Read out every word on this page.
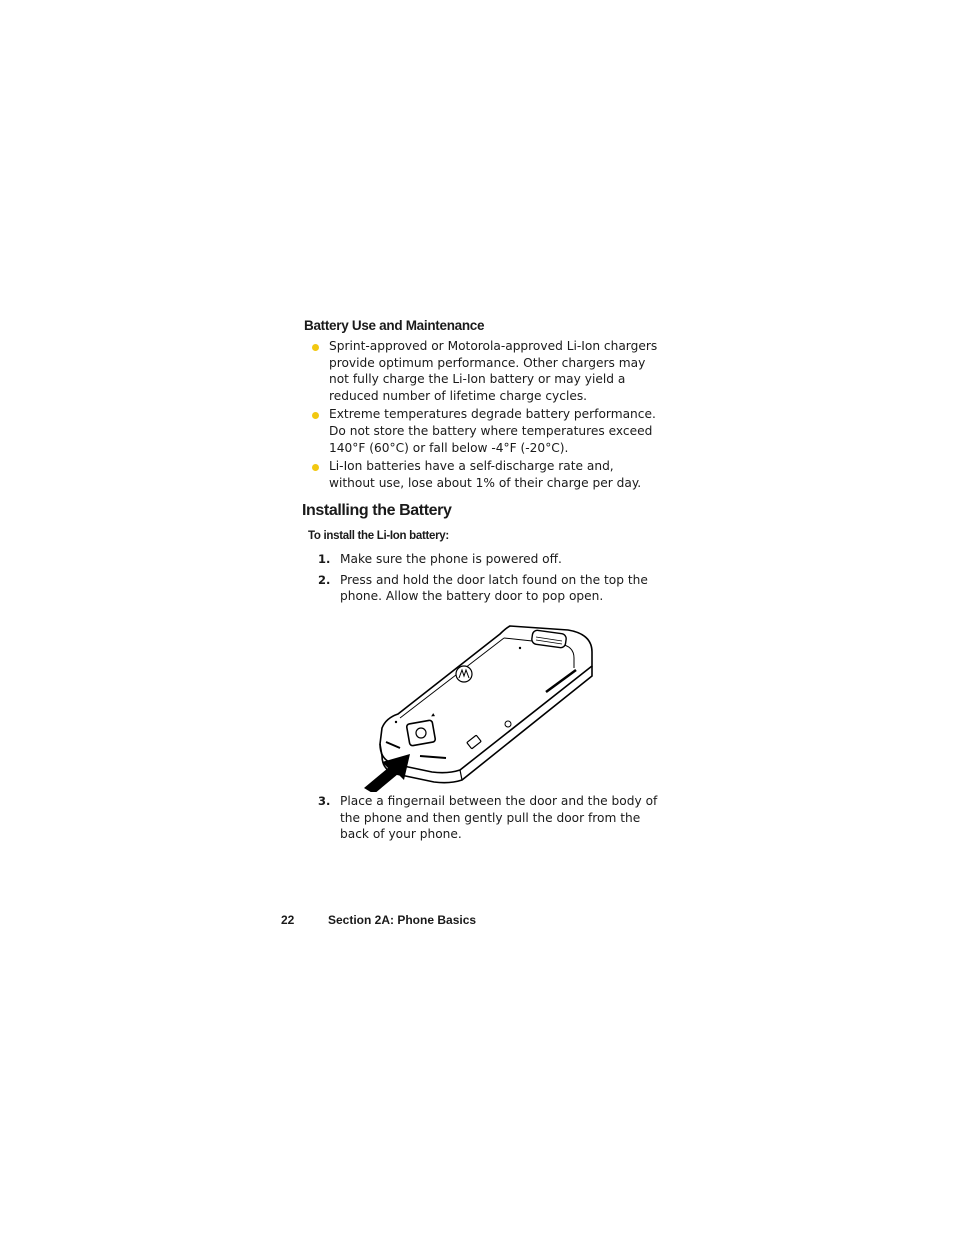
Battery Use and Maintenance
Sprint-approved or Motorola-approved Li-Ion chargers provide optimum performance. Other chargers may not fully charge the Li-Ion battery or may yield a reduced number of lifetime charge cycles.
Extreme temperatures degrade battery performance. Do not store the battery where temperatures exceed 140°F (60°C) or fall below -4°F (-20°C).
Li-Ion batteries have a self-discharge rate and, without use, lose about 1% of their charge per day.
Installing the Battery

To install the Li-Ion battery:

1. Make sure the phone is powered off.
2. Press and hold the door latch found on the top the phone. Allow the battery door to pop open.
◂
3. Place a fingernail between the door and the body of the phone and then gently pull the door from the back of your phone.
22	Section 2A: Phone Basics
